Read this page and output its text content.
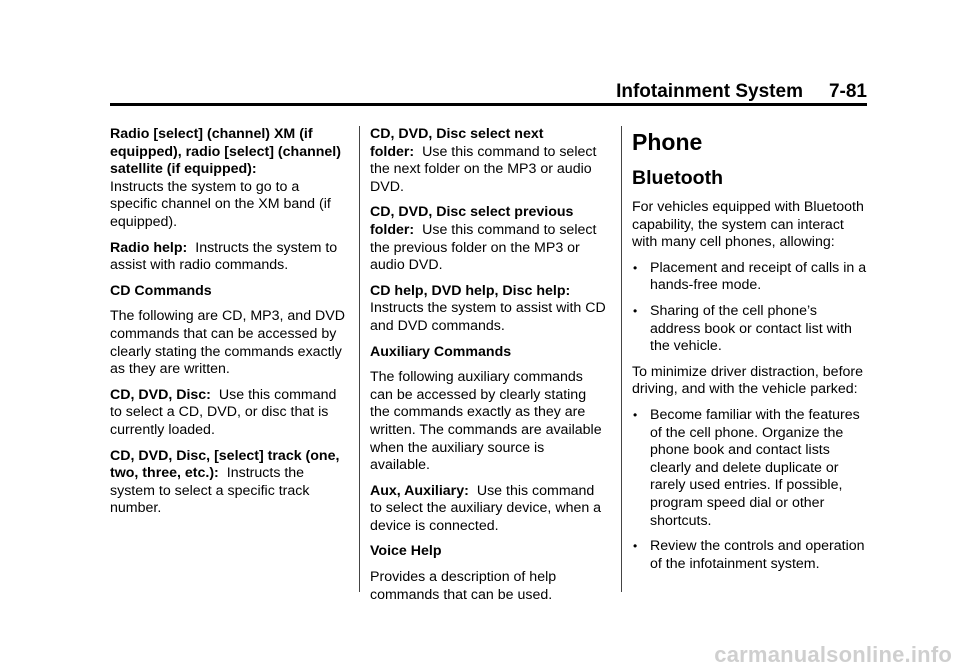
Infotainment System 7-81

Radio [select] (channel) XM (if equipped), radio [select] (channel) satellite (if equipped):
Instructs the system to go to a specific channel on the XM band (if equipped).

Radio help: Instructs the system to assist with radio commands.

CD Commands

The following are CD, MP3, and DVD commands that can be accessed by clearly stating the commands exactly as they are written.

CD, DVD, Disc: Use this command to select a CD, DVD, or disc that is currently loaded.

CD, DVD, Disc, [select] track (one, two, three, etc.): Instructs the system to select a specific track number.

CD, DVD, Disc select next folder: Use this command to select the next folder on the MP3 or audio DVD.

CD, DVD, Disc select previous folder: Use this command to select the previous folder on the MP3 or audio DVD.

CD help, DVD help, Disc help:
Instructs the system to assist with CD and DVD commands.

Auxiliary Commands

The following auxiliary commands can be accessed by clearly stating the commands exactly as they are written. The commands are available when the auxiliary source is available.

Aux, Auxiliary: Use this command to select the auxiliary device, when a device is connected.

Voice Help

Provides a description of help commands that can be used.

Phone
Bluetooth

For vehicles equipped with Bluetooth capability, the system can interact with many cell phones, allowing:

• Placement and receipt of calls in a hands-free mode.
• Sharing of the cell phone’s address book or contact list with the vehicle.

To minimize driver distraction, before driving, and with the vehicle parked:

• Become familiar with the features of the cell phone. Organize the phone book and contact lists clearly and delete duplicate or rarely used entries. If possible, program speed dial or other shortcuts.
• Review the controls and operation of the infotainment system.
carmanualsonline.info
